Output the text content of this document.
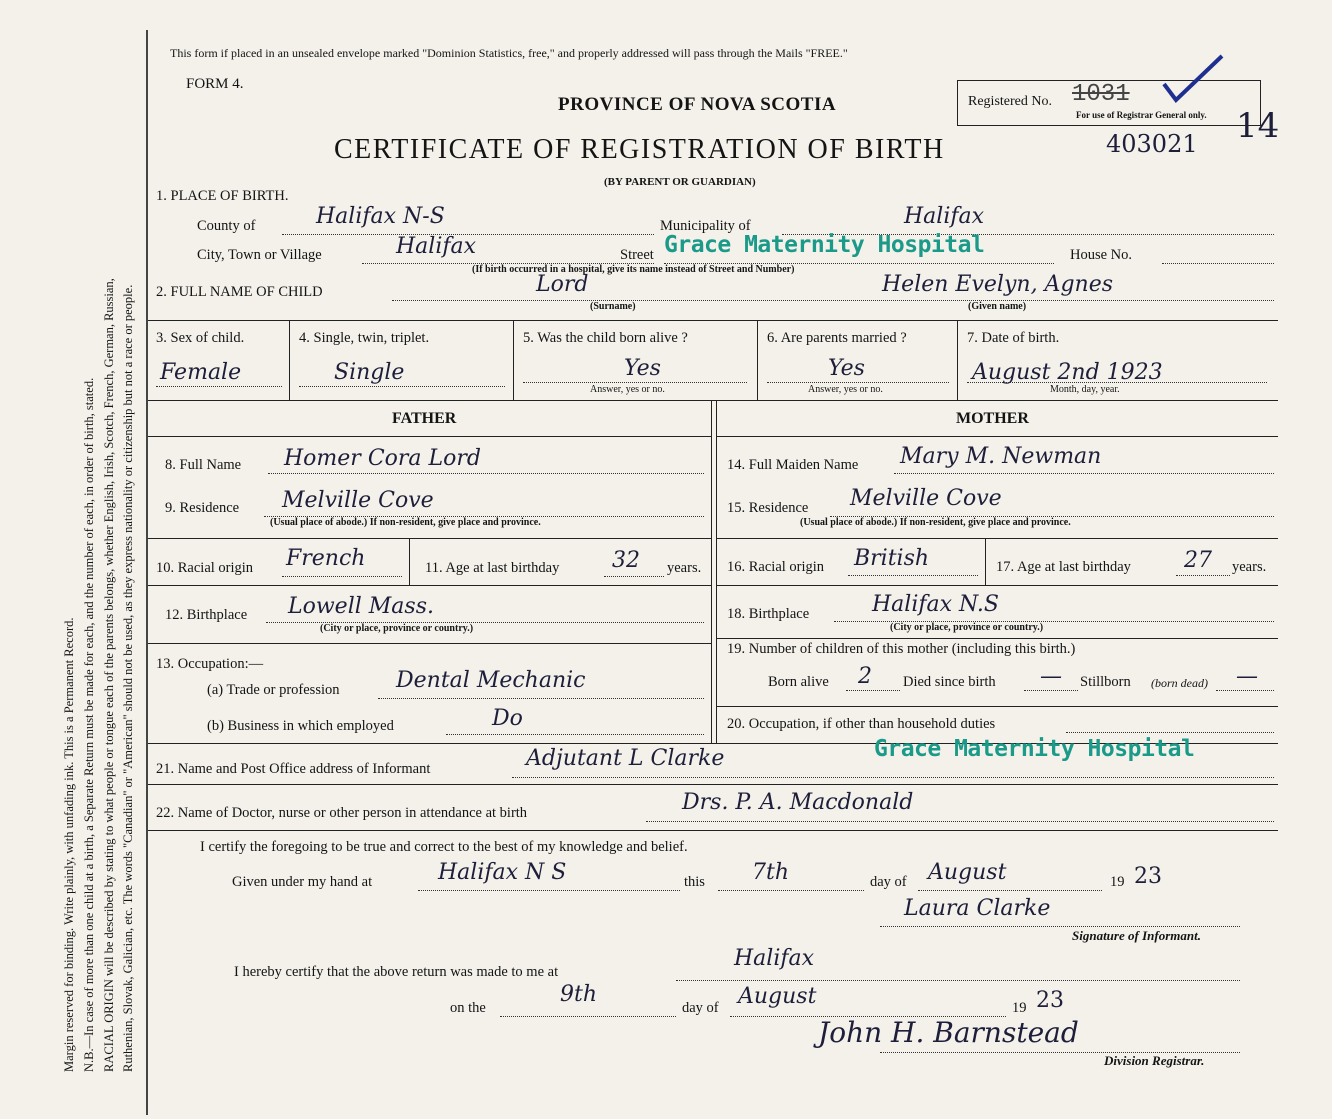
Margin reserved for binding. Write plainly, with unfading ink. This is a Permanent Record. N.B.—In case of more than one child at a birth, a Separate Return must be made for each, and the number of each, in order of birth, stated. RACIAL ORIGIN will be described by stating to what people or tongue each of the parents belongs, whether English, Irish, Scotch, French, German, Russian, Ruthenian, Slovak, Galician, etc. The words "Canadian" or "American" should not be used, as they express nationality or citizenship but not a race or people.
This form if placed in an unsealed envelope marked "Dominion Statistics, free," and properly addressed will pass through the Mails "FREE."
FORM 4.
PROVINCE OF NOVA SCOTIA
CERTIFICATE OF REGISTRATION OF BIRTH
(BY PARENT OR GUARDIAN)
Registered No. 1031
For use of Registrar General only.
403021 14
1. PLACE OF BIRTH.
County of	Halifax N-S	Municipality of	Halifax
City, Town or Village	Halifax	Street Grace Maternity Hospital
(If birth occurred in a hospital, give its name instead of Street and Number)
House No.
2. FULL NAME OF CHILD	Lord
(Surname)
Helen Evelyn, Agnes
(Given name)
3. Sex of child.
Female
4. Single, twin, triplet.
Single
5. Was the child born alive ?
Yes
Answer, yes or no.
6. Are parents married ?
Yes
Answer, yes or no.
7. Date of birth.
August 2nd 1923
Month, day, year.
FATHER	MOTHER
8. Full Name Homer Cora Lord
9. Residence Melville Cove
(Usual place of abode.) If non-resident, give place and province.
10. Racial origin French	11. Age at last birthday 32 years.
12. Birthplace Lowell Mass.
(City or place, province or country.)
13. Occupation:—
(a) Trade or profession	Dental Mechanic
(b) Business in which employed	Do
14. Full Maiden Name Mary M. Newman
15. Residence Melville Cove
(Usual place of abode.) If non-resident, give place and province.
16. Racial origin British	17. Age at last birthday 27 years.
18. Birthplace	Halifax N.S
(City or place, province or country.)
19. Number of children of this mother (including this birth.)
Born alive 2 Died since birth — Stillborn (born dead) —
20. Occupation, if other than household duties
21. Name and Post Office address of Informant	Adjutant L Clarke	Grace Maternity Hospital
22. Name of Doctor, nurse or other person in attendance at birth	Drs. P. A. Macdonald
I certify the foregoing to be true and correct to the best of my knowledge and belief.
Given under my hand at	Halifax N S	this 7th	day of August	19 23
Laura Clarke
Signature of Informant.
I hereby certify that the above return was made to me at
Halifax
on the
9th
day of August	19 23
John H. Barnstead
Division Registrar.
